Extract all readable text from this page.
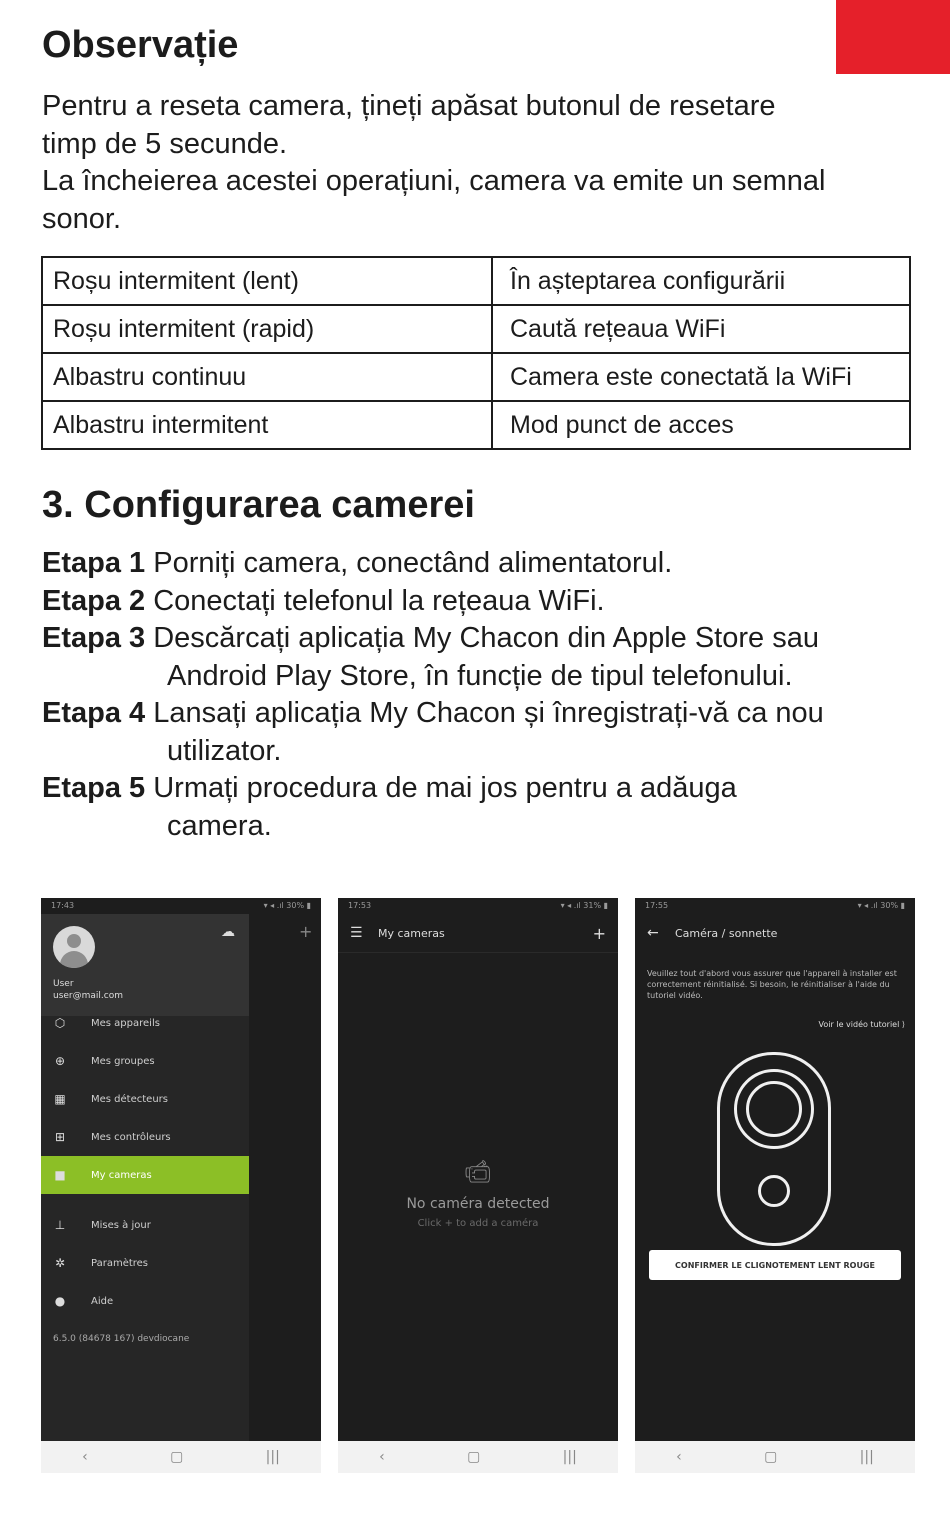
Observație
Pentru a reseta camera, țineți apăsat butonul de resetare
timp de 5 secunde.
La încheierea acestei operațiuni, camera va emite un semnal
sonor.
Roșu intermitent (lent)	În așteptarea configurării
Roșu intermitent (rapid)	Caută rețeaua WiFi
Albastru continuu	Camera este conectată la WiFi
Albastru intermitent	Mod punct de acces
3. Configurarea camerei
Etapa 1 Porniți camera, conectând alimentatorul.
Etapa 2 Conectați telefonul la rețeaua WiFi.
Etapa 3 Descărcați aplicația My Chacon din Apple Store sau
Android Play Store, în funcție de tipul telefonului.
Etapa 4 Lansați aplicația My Chacon și înregistrați-vă ca nou
utilizator.
Etapa 5 Urmați procedura de mai jos pentru a adăuga
camera.
17:43	▾ ◂ .ıl 30% ▮
+
☁
User
user@mail.com
⬡	Mes appareils
⊕	Mes groupes
▦	Mes détecteurs
⊞	Mes contrôleurs
■	My cameras
⊥	Mises à jour
✲	Paramètres
●	Aide
6.5.0 (84678 167) devdiocane
‹	▢	|||
17:53	▾ ◂ .ıl 31% ▮
☰	My cameras	+
📹︎
No caméra detected
Click + to add a caméra
‹	▢	|||
17:55	▾ ◂ .ıl 30% ▮
←	Caméra / sonnette
Veuillez tout d'abord vous assurer que l'appareil à installer est correctement réinitialisé. Si besoin, le réinitialiser à l'aide du tutoriel vidéo.
Voir le vidéo tutoriel ⟩
CONFIRMER LE CLIGNOTEMENT LENT ROUGE
‹	▢	|||
